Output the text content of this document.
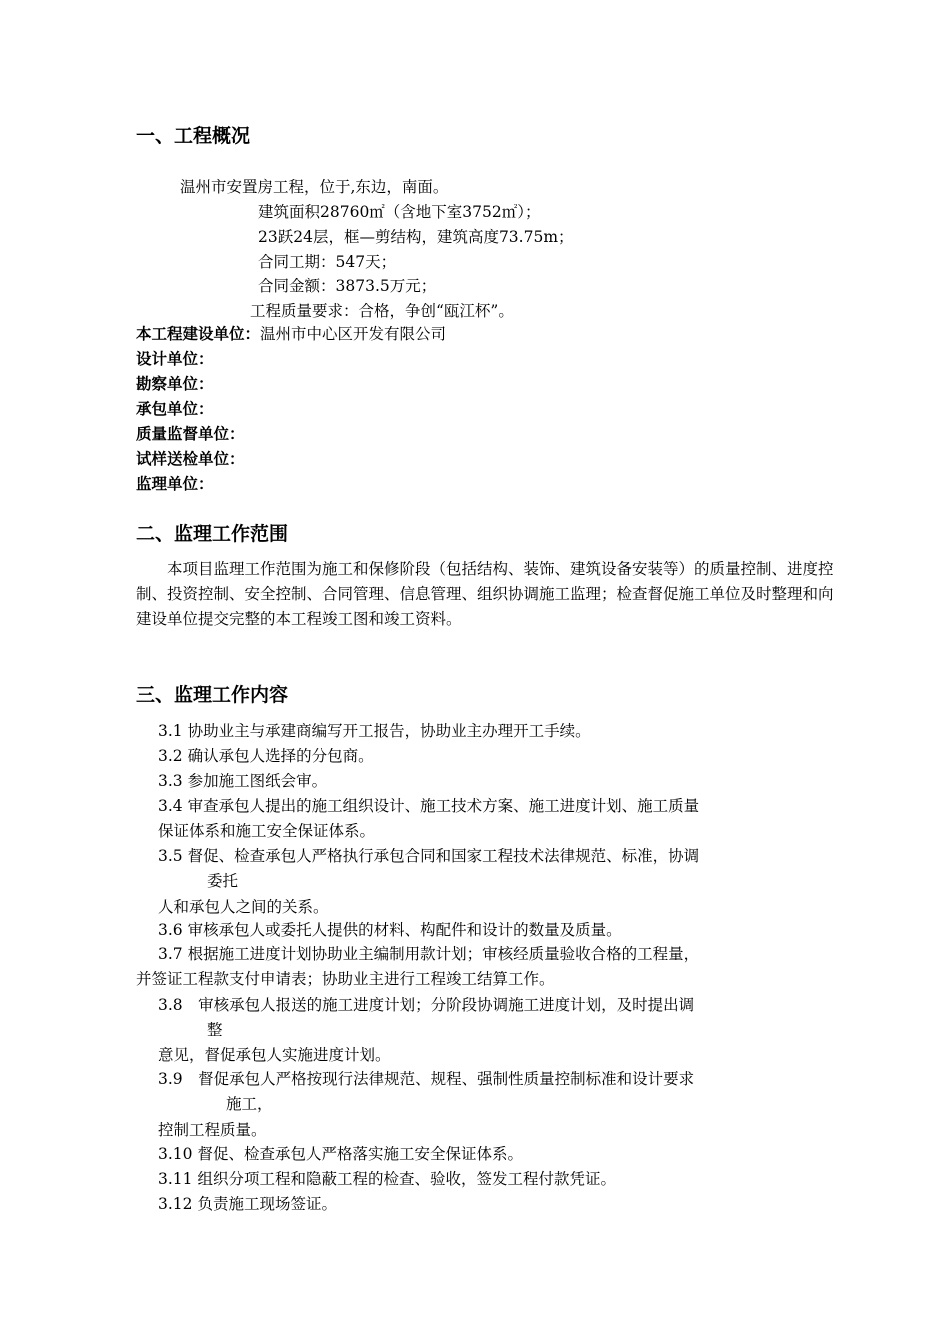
一、工程概况

温州市安置房工程，位于,东边，南面。

建筑面积28760㎡（含地下室3752㎡）；

23跃24层，框—剪结构，建筑高度73.75m；

合同工期：547天；

合同金额：3873.5万元；

工程质量要求：合格，争创“瓯江杯”。

本工程建设单位：温州市中心区开发有限公司

设计单位：

勘察单位：

承包单位：

质量监督单位：

试样送检单位：

监理单位：

二、监理工作范围

本项目监理工作范围为施工和保修阶段（包括结构、装饰、建筑设备安装等）的质量控制、进度控制、投资控制、安全控制、合同管理、信息管理、组织协调施工监理；检查督促施工单位及时整理和向建设单位提交完整的本工程竣工图和竣工资料。

三、监理工作内容

3.1 协助业主与承建商编写开工报告，协助业主办理开工手续。

3.2 确认承包人选择的分包商。

3.3 参加施工图纸会审。

3.4 审查承包人提出的施工组织设计、施工技术方案、施工进度计划、施工质量

保证体系和施工安全保证体系。

3.5 督促、检查承包人严格执行承包合同和国家工程技术法律规范、标准，协调

委托

人和承包人之间的关系。

3.6 审核承包人或委托人提供的材料、构配件和设计的数量及质量。

3.7 根据施工进度计划协助业主编制用款计划；审核经质量验收合格的工程量，

并签证工程款支付申请表；协助业主进行工程竣工结算工作。

3.8　审核承包人报送的施工进度计划；分阶段协调施工进度计划，及时提出调

整

意见，督促承包人实施进度计划。

3.9　督促承包人严格按现行法律规范、规程、强制性质量控制标准和设计要求

施工，

控制工程质量。

3.10 督促、检查承包人严格落实施工安全保证体系。

3.11 组织分项工程和隐蔽工程的检查、验收，签发工程付款凭证。

3.12 负责施工现场签证。
